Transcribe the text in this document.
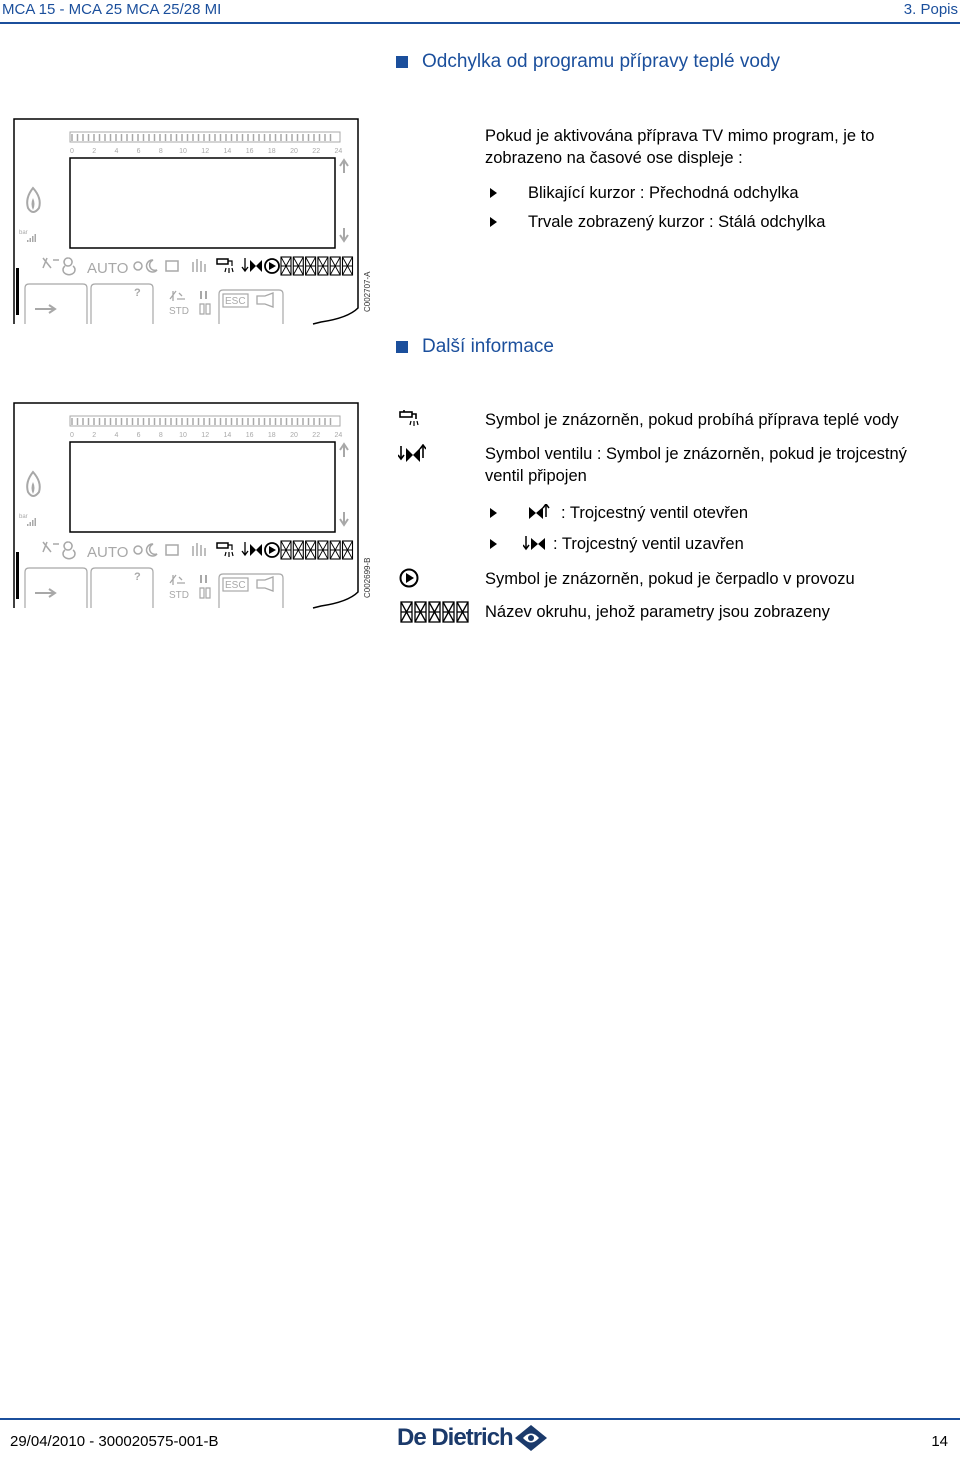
MCA 15 - MCA 25 MCA 25/28 MI	3. Popis
Odchylka od programu přípravy teplé vody
0	2	4	6	8 10 12 14 16 18 20 22 24
bar
AUTO
?
STD
ESC	C002707-A
Pokud je aktivována příprava TV mimo program, je to
zobrazeno na časové ose displeje :
Blikající kurzor : Přechodná odchylka
Trvale zobrazený kurzor : Stálá odchylka
Další informace
0	2	4	6	8 10 12 14 16 18 20 22 24
bar
AUTO
?
STD
ESC	C002699-B
Symbol je znázorněn, pokud probíhá příprava teplé vody
Symbol ventilu : Symbol je znázorněn, pokud je trojcestný
ventil připojen
: Trojcestný ventil otevřen
: Trojcestný ventil uzavřen
Symbol je znázorněn, pokud je čerpadlo v provozu
Název okruhu, jehož parametry jsou zobrazeny
29/04/2010 - 300020575-001-B	De Dietrich	14
